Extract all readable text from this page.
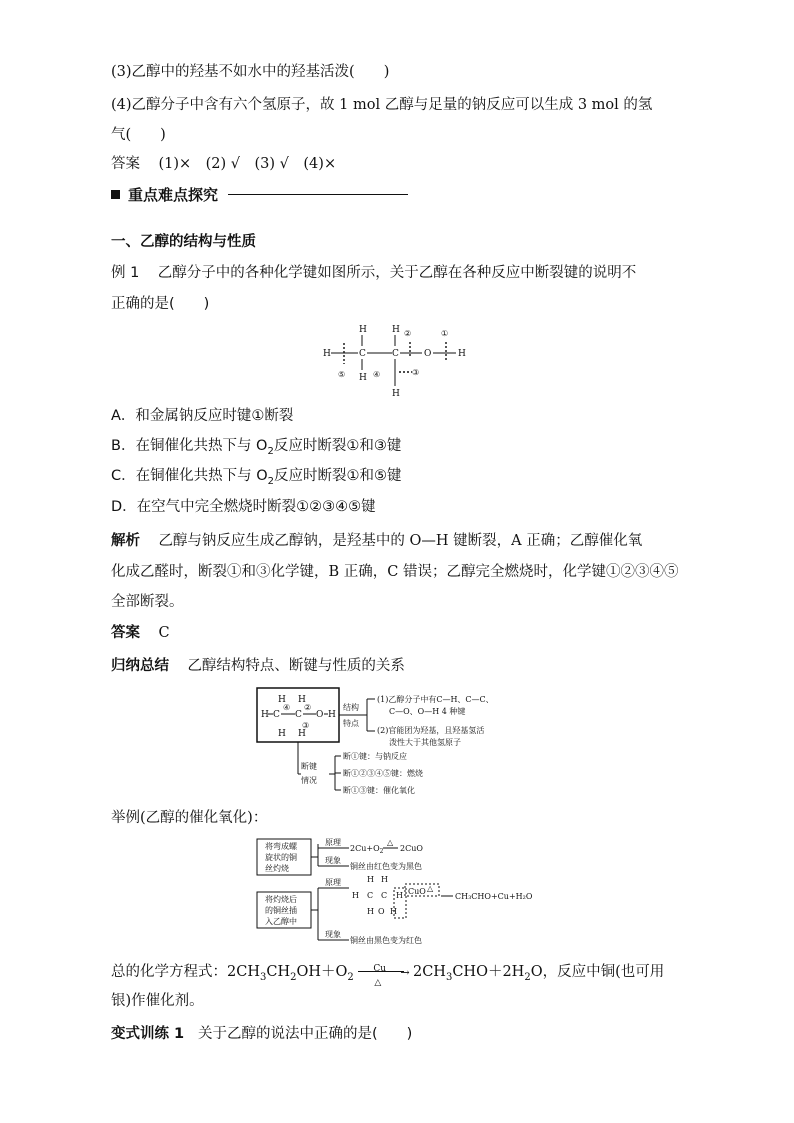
(3)乙醇中的羟基不如水中的羟基活泼(　　)
(4)乙醇分子中含有六个氢原子，故 1 mol 乙醇与足量的钠反应可以生成 3 mol 的氢
气(　　)
答案 (1)×　(2) √　(3) √　(4)×
重点难点探究
一、乙醇的结构与性质
例 1 乙醇分子中的各种化学键如图所示，关于乙醇在各种反应中断裂键的说明不
正确的是(　　)
H	H ②	①
H	C	C	O	H
H
⑤	④	③
H
A．和金属钠反应时键①断裂
B．在铜催化共热下与 $O_2$反应时断裂①和③键
C．在铜催化共热下与 $O_2$反应时断裂①和⑤键
D．在空气中完全燃烧时断裂①②③④⑤键
解析 乙醇与钠反应生成乙醇钠，是羟基中的 O—H 键断裂，A 正确；乙醇催化氧
化成乙醛时，断裂①和③化学键，B 正确，C 错误；乙醇完全燃烧时，化学键①②③④⑤
全部断裂。
答案 C
归纳总结 乙醇结构特点、断键与性质的关系
H H
H C C O H
④ ②
③
H H
结构
特点
(1)乙醇分子中有C—H、C—C、
C—O、O—H 4 种键
(2)官能团为羟基，且羟基氢活
泼性大于其他氢原子
断键
情况
断①键：与钠反应
断①②③④⑤键：燃烧
断①③键：催化氧化
举例(乙醇的催化氧化)：
将弯成螺
旋状的铜
丝灼烧
原理
现象
$2Cu+O_2$
△
2CuO
铜丝由红色变为黑色
将灼烧后
的铜丝插
入乙醇中
原理
现象
H H
H C C H
H O H
CuO △
CH₃CHO+Cu+H₂O
铜丝由黑色变为红色
总的化学方程式：$2CH_3CH_2OH+O_2$
Cu
△
→ $2CH_3CHO+2H_2O$，反应中铜(也可用
银)作催化剂。
变式训练 1 关于乙醇的说法中正确的是(　　)
